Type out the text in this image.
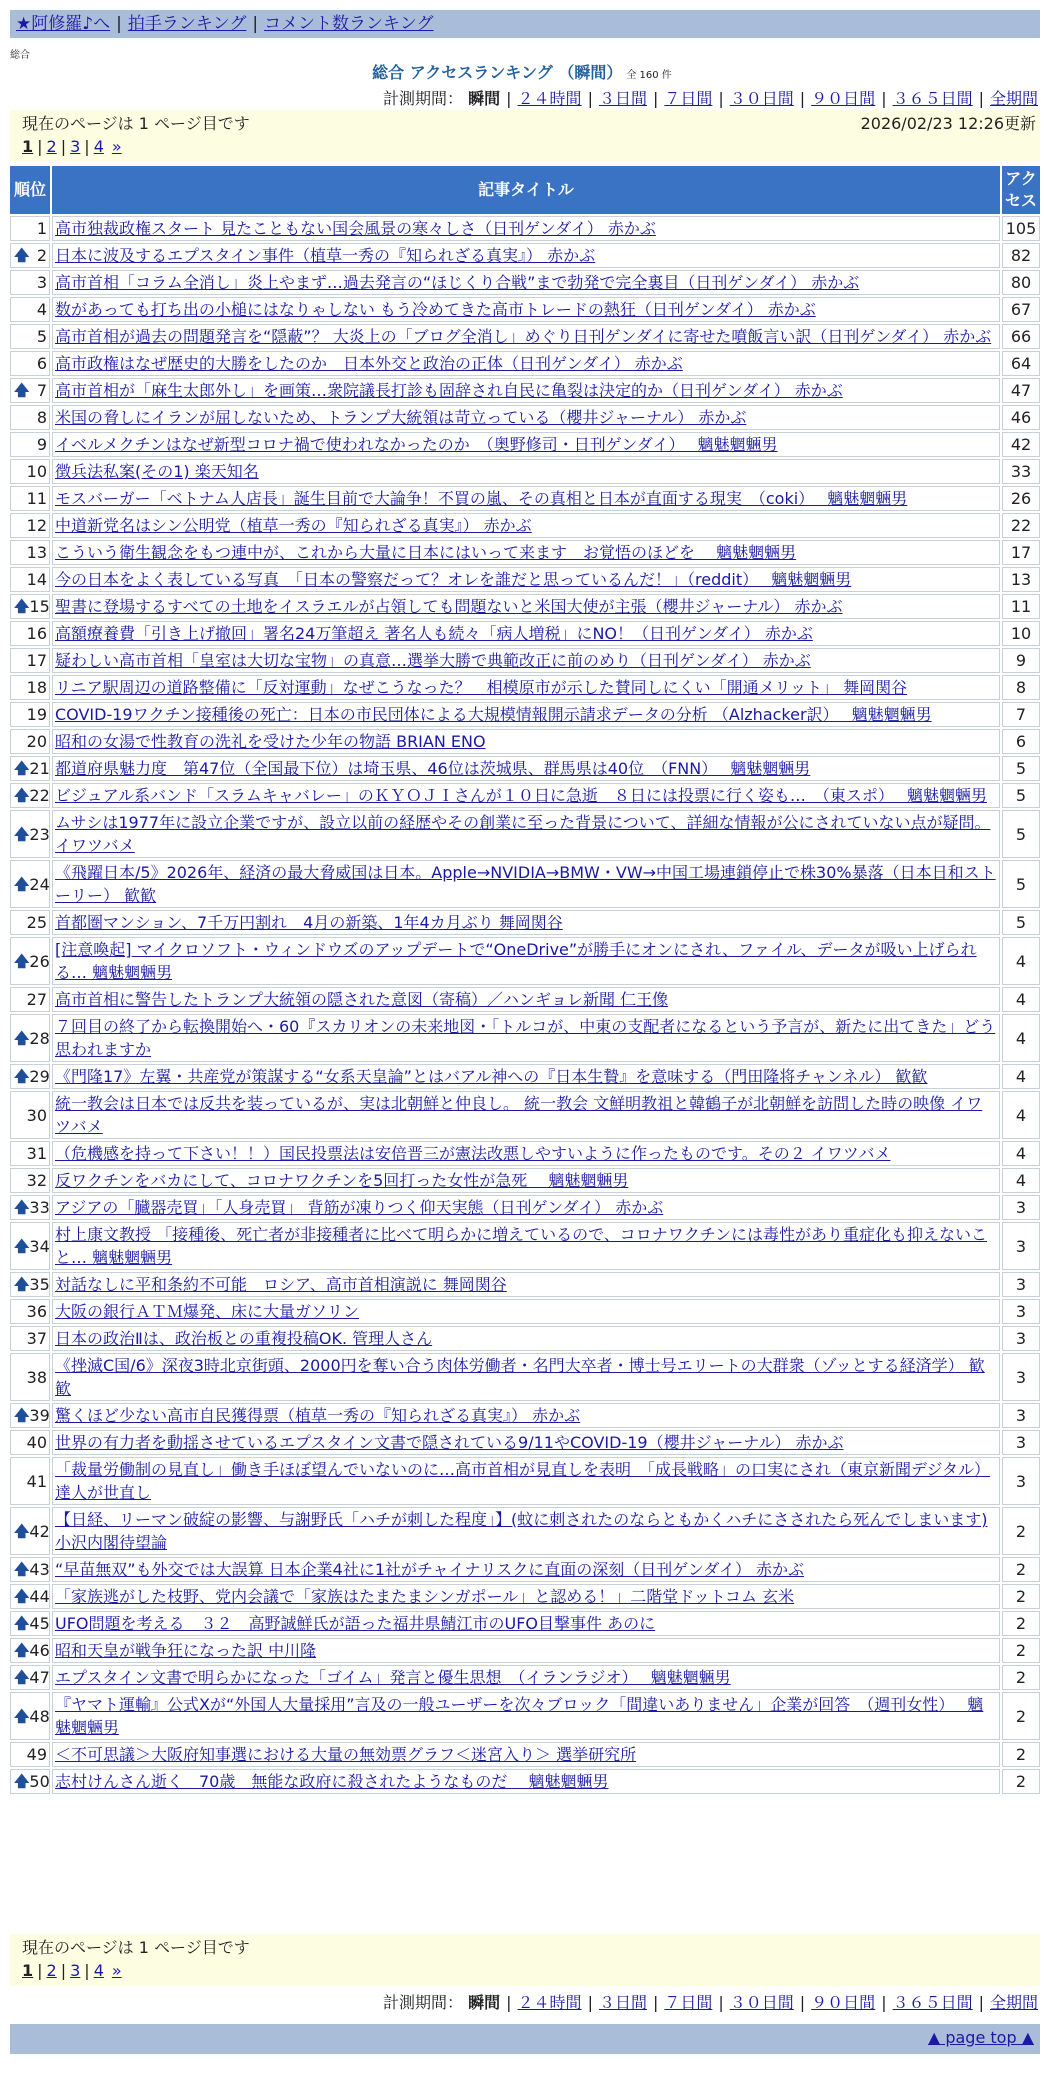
★阿修羅♪へ | 拍手ランキング | コメント数ランキング
総合
総合 アクセスランキング （瞬間） 全 160 件
計測期間： 瞬間 | ２４時間 | ３日間 | ７日間 | ３０日間 | ９０日間 | ３６５日間 | 全期間
現在のページは 1 ページ目です	2026/02/23 12:26更新
1 | 2 | 3 | 4 »
順位	記事タイトル	アクセス
1	高市独裁政権スタート 見たこともない国会風景の寒々しさ（日刊ゲンダイ） 赤かぶ	105

🡅 2	日本に波及するエプスタイン事件（植草一秀の『知られざる真実』） 赤かぶ	82
3	高市首相「コラム全消し」炎上やまず…過去発言の“ほじくり合戦”まで勃発で完全裏目（日刊ゲンダイ） 赤かぶ	80
4	数があっても打ち出の小槌にはなりゃしない もう冷めてきた高市トレードの熱狂（日刊ゲンダイ） 赤かぶ	67
5	高市首相が過去の問題発言を“隠蔽”？ 大炎上の「ブログ全消し」めぐり日刊ゲンダイに寄せた噴飯言い訳（日刊ゲンダイ） 赤かぶ	66
6	高市政権はなぜ歴史的大勝をしたのか　日本外交と政治の正体（日刊ゲンダイ） 赤かぶ	64

🡅 7	高市首相が「麻生太郎外し」を画策…衆院議長打診も固辞され自民に亀裂は決定的か（日刊ゲンダイ） 赤かぶ	47
8	米国の脅しにイランが屈しないため、トランプ大統領は苛立っている（櫻井ジャーナル） 赤かぶ	46
9	イベルメクチンはなぜ新型コロナ禍で使われなかったのか　（奥野修司・日刊ゲンダイ）　 魑魅魍魎男	42
10	徴兵法私案(その1) 楽天知名	33
11	モスバーガー「ベトナム人店長」誕生目前で大論争！不買の嵐、その真相と日本が直面する現実　（coki）　 魑魅魍魎男	26
12	中道新党名はシン公明党（植草一秀の『知られざる真実』） 赤かぶ	22
13	こういう衛生観念をもつ連中が、これから大量に日本にはいって来ます　お覚悟のほどを　 魑魅魍魎男	17
14	今の日本をよく表している写真　「日本の警察だって？オレを誰だと思っているんだ！」（reddit）　 魑魅魍魎男	13

🡅 15	聖書に登場するすべての土地をイスラエルが占領しても問題ないと米国大使が主張（櫻井ジャーナル） 赤かぶ	11
16	高額療養費「引き上げ撤回」署名24万筆超え 著名人も続々「病人増税」にNO！（日刊ゲンダイ） 赤かぶ	10
17	疑わしい高市首相「皇室は大切な宝物」の真意…選挙大勝で典範改正に前のめり（日刊ゲンダイ） 赤かぶ	9
18	リニア駅周辺の道路整備に「反対運動」なぜこうなった？　相模原市が示した賛同しにくい「開通メリット」 舞岡関谷	8
19	COVID-19ワクチン接種後の死亡：日本の市民団体による大規模情報開示請求データの分析 （Alzhacker訳）　 魑魅魍魎男	7
20	昭和の女湯で性教育の洗礼を受けた少年の物語 BRIAN ENO	6

🡅 21	都道府県魅力度　第47位（全国最下位）は埼玉県、46位は茨城県、群馬県は40位　（FNN）　 魑魅魍魎男	5

🡅 22	ビジュアル系バンド「スラムキャバレー」のＫＹＯＪＩさんが１０日に急逝　８日には投票に行く姿も…　（東スポ）　 魑魅魍魎男	5

🡅 23	ムサシは1977年に設立企業ですが、設立以前の経歴やその創業に至った背景について、詳細な情報が公にされていない点が疑問。 イワツバメ	5

🡅 24	《飛躍日本/5》2026年、経済の最大脅威国は日本。Apple→NVIDIA→BMW・VW→中国工場連鎖停止で株30%暴落（日本日和ストーリー） 歓歓	5
25	首都圏マンション、7千万円割れ　4月の新築、1年4カ月ぶり 舞岡関谷	5

🡅 26	[注意喚起] マイクロソフト・ウィンドウズのアップデートで“OneDrive”が勝手にオンにされ、ファイル、データが吸い上げられる… 魑魅魍魎男	4
27	高市首相に警告したトランプ大統領の隠された意図（寄稿）／ハンギョレ新聞 仁王像	4

🡅 28	７回目の終了から転換開始へ・60『スカリオンの未来地図・「トルコが、中東の支配者になるという予言が、新たに出てきた」どう思われますか	4

🡅 29	《門隆17》左翼・共産党が策謀する“女系天皇論”とはバアル神への『日本生贄』を意味する（門田隆将チャンネル） 歓歓	4
30	統一教会は日本では反共を装っているが、実は北朝鮮と仲良し。 統一教会 文鮮明教祖と韓鶴子が北朝鮮を訪問した時の映像 イワツバメ	4
31	（危機感を持って下さい！！）国民投票法は安倍晋三が憲法改悪しやすいように作ったものです。その２ イワツバメ	4
32	反ワクチンをバカにして、コロナワクチンを5回打った女性が急死　 魑魅魍魎男	4

🡅 33	アジアの「臓器売買」「人身売買」 背筋が凍りつく仰天実態（日刊ゲンダイ） 赤かぶ	3

🡅 34	村上康文教授 「接種後、死亡者が非接種者に比べて明らかに増えているので、コロナワクチンには毒性があり重症化も抑えないこと… 魑魅魍魎男	3

🡅 35	対話なしに平和条約不可能　ロシア、高市首相演説に 舞岡関谷	3
36	大阪の銀行ＡＴＭ爆発、床に大量ガソリン	3
37	日本の政治Ⅱは、政治板との重複投稿OK. 管理人さん	3
38	《挫滅C国/6》深夜3時北京街頭、2000円を奪い合う肉体労働者・名門大卒者・博士号エリートの大群衆（ゾッとする経済学） 歓歓	3

🡅 39	驚くほど少ない高市自民獲得票（植草一秀の『知られざる真実』） 赤かぶ	3
40	世界の有力者を動揺させているエプスタイン文書で隠されている9/11やCOVID-19（櫻井ジャーナル） 赤かぶ	3
41	「裁量労働制の見直し」働き手ほぼ望んでいないのに…高市首相が見直しを表明　「成長戦略」の口実にされ（東京新聞デジタル） 達人が世直し	3

🡅 42	【日経、リーマン破綻の影響、与謝野氏「ハチが刺した程度」】(蚊に刺されたのならともかくハチにさされたら死んでしまいます) 小沢内閣待望論	2

🡅 43	“早苗無双”も外交では大誤算 日本企業4社に1社がチャイナリスクに直面の深刻（日刊ゲンダイ） 赤かぶ	2

🡅 44	「家族逃がした枝野、党内会議で「家族はたまたまシンガポール」と認める！」二階堂ドットコム 玄米	2

🡅 45	UFO問題を考える　３２　高野誠鮮氏が語った福井県鯖江市のUFO目撃事件 あのに	2

🡅 46	昭和天皇が戦争狂になった訳 中川隆	2

🡅 47	エプスタイン文書で明らかになった「ゴイム」発言と優生思想　（イランラジオ）　 魑魅魍魎男	2

🡅 48	『ヤマト運輸』公式Xが“外国人大量採用”言及の一般ユーザーを次々ブロック「間違いありません」企業が回答　（週刊女性）　 魑魅魍魎男	2
49	＜不可思議＞大阪府知事選における大量の無効票グラフ＜迷宮入り＞ 選挙研究所	2

🡅 50	志村けんさん逝く　70歳　無能な政府に殺されたようなものだ　 魑魅魍魎男	2
現在のページは 1 ページ目です
1 | 2 | 3 | 4 »
計測期間： 瞬間 | ２４時間 | ３日間 | ７日間 | ３０日間 | ９０日間 | ３６５日間 | 全期間
▲ page top ▲
